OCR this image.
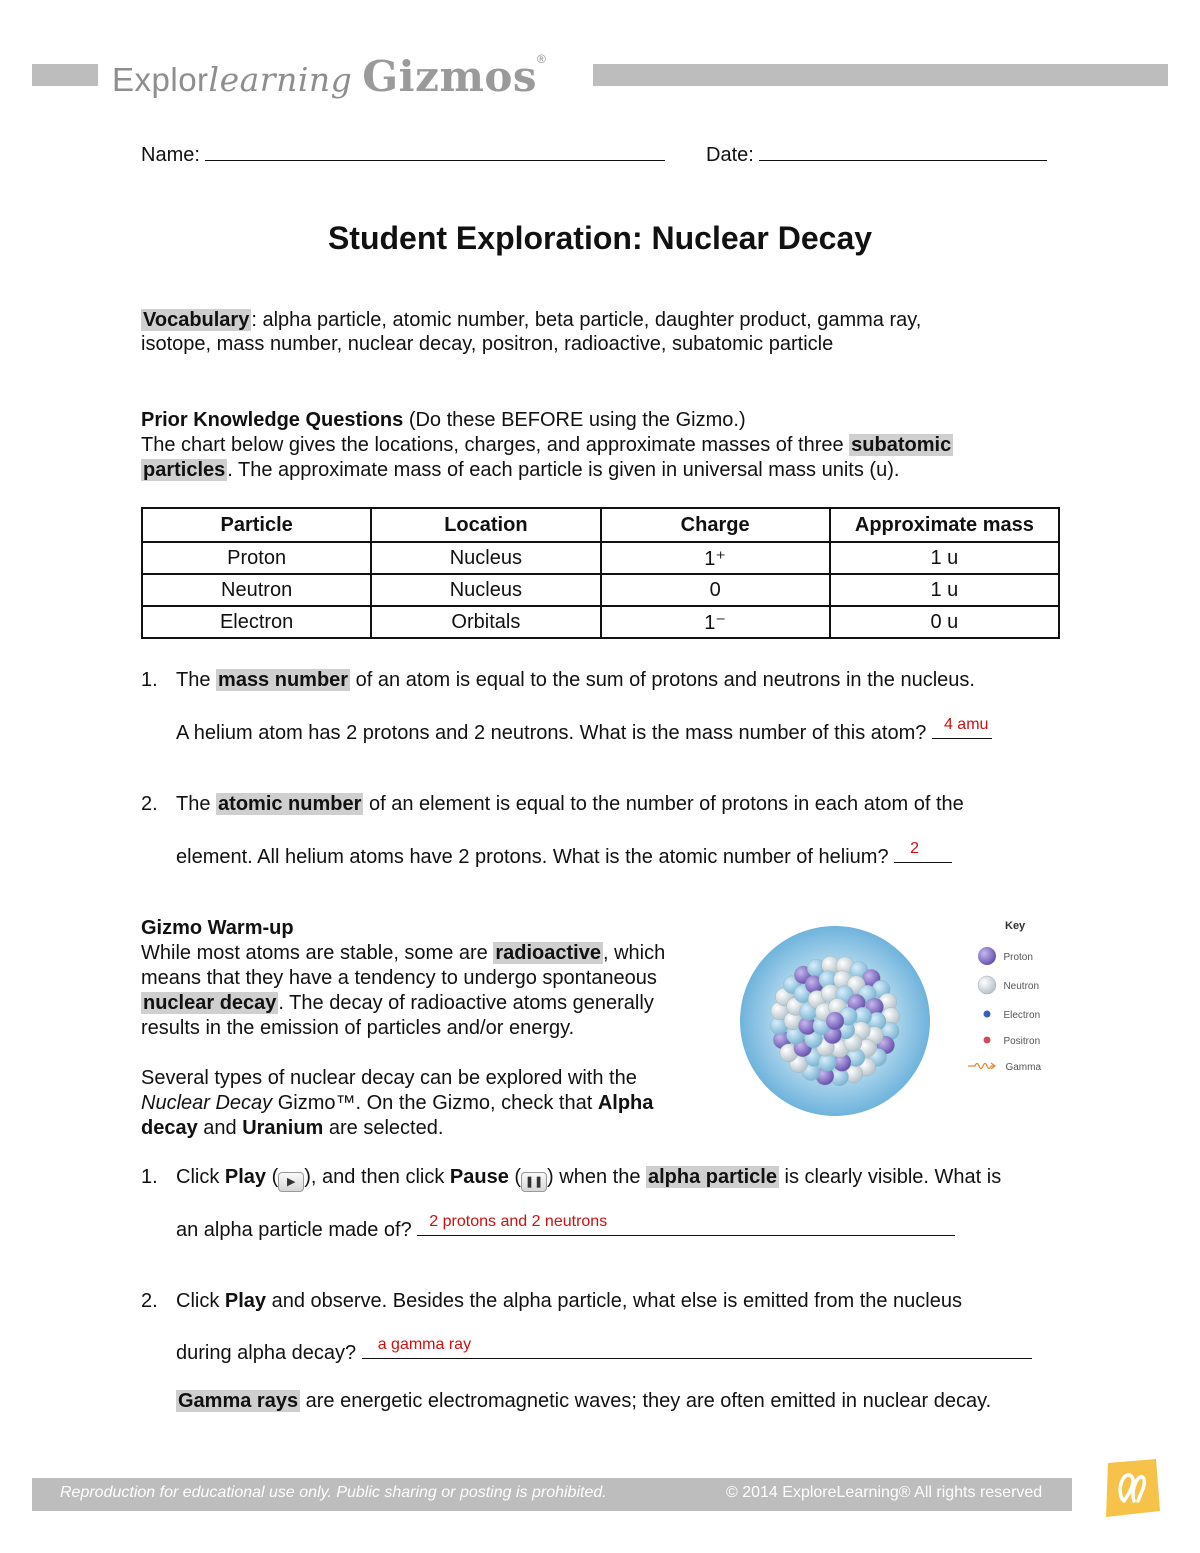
Explorlearning Gizmos®
Name:	Date:
Student Exploration: Nuclear Decay
Vocabulary : alpha particle, atomic number, beta particle, daughter product, gamma ray,
isotope, mass number, nuclear decay, positron, radioactive, subatomic particle
Prior Knowledge Questions (Do these BEFORE using the Gizmo.)
The chart below gives the locations, charges, and approximate masses of three subatomic
particles . The approximate mass of each particle is given in universal mass units (u).
Particle	Location	Charge	Approximate mass
Proton	Nucleus	1⁺	1 u
Neutron	Nucleus	0	1 u
Electron	Orbitals	1⁻	0 u
1. The mass number of an atom is equal to the sum of protons and neutrons in the nucleus.
A helium atom has 2 protons and 2 neutrons. What is the mass number of this atom? 4 amu
2. The atomic number of an element is equal to the number of protons in each atom of the
element. All helium atoms have 2 protons. What is the atomic number of helium? 2
Gizmo Warm-up
While most atoms are stable, some are radioactive , which
means that they have a tendency to undergo spontaneous
nuclear decay . The decay of radioactive atoms generally
results in the emission of particles and/or energy.
Several types of nuclear decay can be explored with the
Nuclear Decay Gizmo™. On the Gizmo, check that Alpha
decay and Uranium are selected.
Key
Proton
Neutron
Electron
Positron
Gamma
1. Click Play ( ▶ ), and then click Pause ( ❚❚ ) when the alpha particle is clearly visible. What is
an alpha particle made of? 2 protons and 2 neutrons
2. Click Play and observe. Besides the alpha particle, what else is emitted from the nucleus
during alpha decay? a gamma ray
Gamma rays are energetic electromagnetic waves; they are often emitted in nuclear decay.
Reproduction for educational use only. Public sharing or posting is prohibited.	© 2014 ExploreLearning® All rights reserved
